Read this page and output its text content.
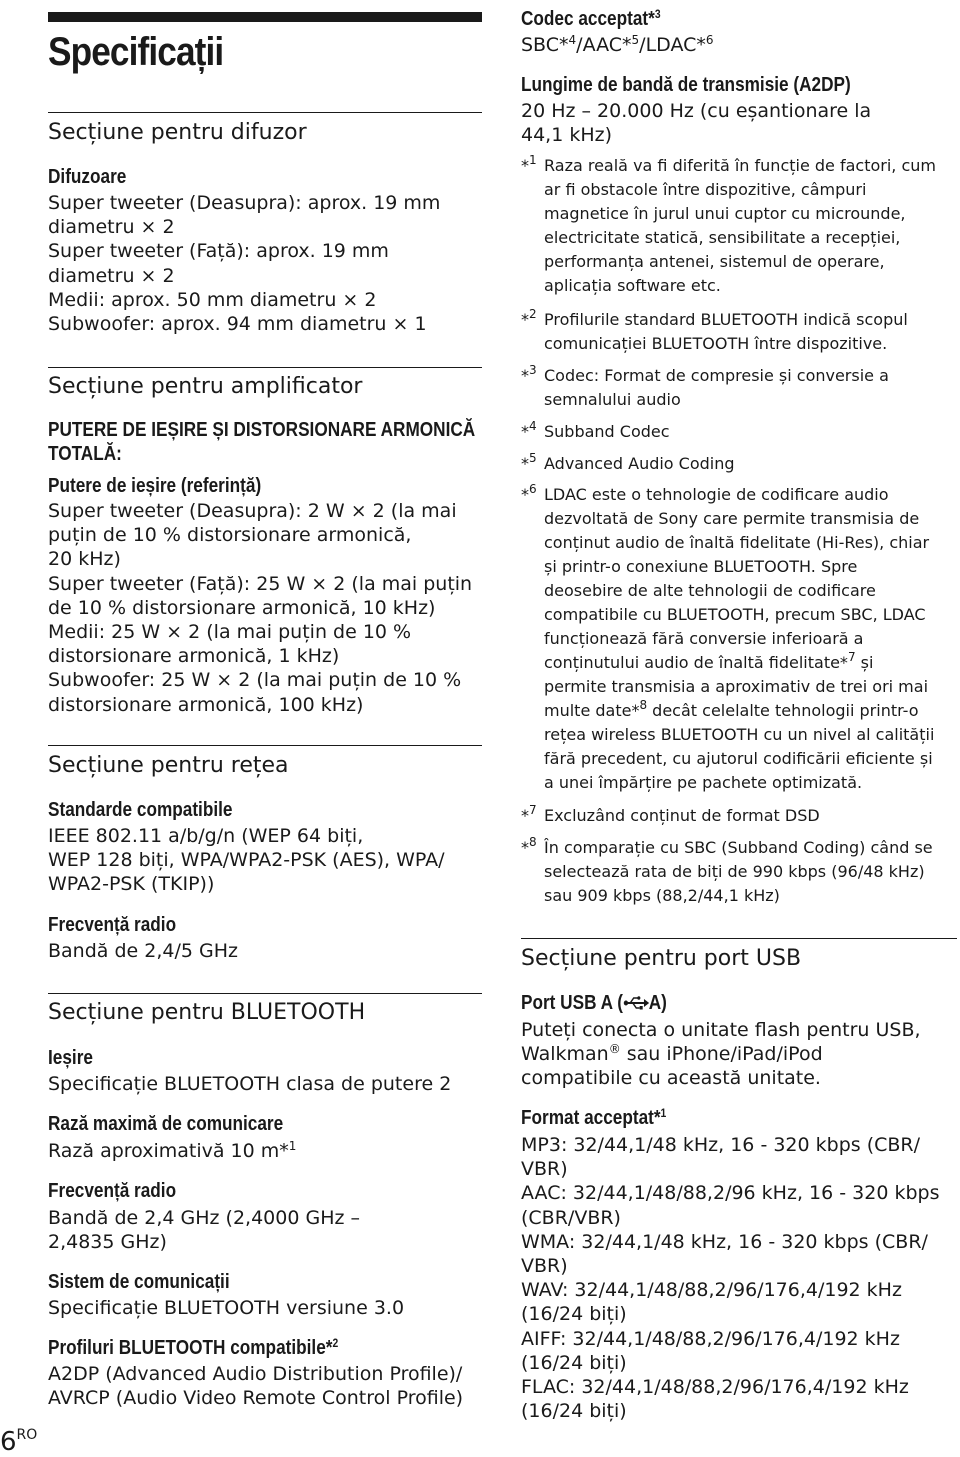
Specificații
Secțiune pentru difuzor
Difuzoare

Super tweeter (Deasupra): aprox. 19 mm
diametru × 2
Super tweeter (Față): aprox. 19 mm
diametru × 2
Medii: aprox. 50 mm diametru × 2
Subwoofer: aprox. 94 mm diametru × 1

Secțiune pentru amplificator
PUTERE DE IEȘIRE ȘI DISTORSIONARE ARMONICĂ TOTALĂ:
Putere de ieșire (referință)

Super tweeter (Deasupra): 2 W × 2 (la mai
puțin de 10 % distorsionare armonică,
20 kHz)
Super tweeter (Față): 25 W × 2 (la mai puțin
de 10 % distorsionare armonică, 10 kHz)
Medii: 25 W × 2 (la mai puțin de 10 %
distorsionare armonică, 1 kHz)
Subwoofer: 25 W × 2 (la mai puțin de 10 %
distorsionare armonică, 100 kHz)

Secțiune pentru rețea
Standarde compatibile

IEEE 802.11 a/b/g/n (WEP 64 biți,
WEP 128 biți, WPA/WPA2-PSK (AES), WPA/
WPA2-PSK (TKIP))

Frecvență radio

Bandă de 2,4/5 GHz

Secțiune pentru BLUETOOTH
Ieșire

Specificație BLUETOOTH clasa de putere 2

Rază maximă de comunicare

Rază aproximativă 10 m*$^1$

Frecvență radio

Bandă de 2,4 GHz (2,4000 GHz –
2,4835 GHz)

Sistem de comunicații

Specificație BLUETOOTH versiune 3.0

Profiluri BLUETOOTH compatibile*$^2$

A2DP (Advanced Audio Distribution Profile)/
AVRCP (Audio Video Remote Control Profile)

$6^{RO}$
Codec acceptat*$^3$

SBC*$^4$/AAC*$^5$/LDAC*$^6$

Lungime de bandă de transmisie (A2DP)

20 Hz – 20.000 Hz (cu eșantionare la
44,1 kHz)

*$^1$ Raza reală va fi diferită în funcție de factori, cum
ar fi obstacole între dispozitive, câmpuri
magnetice în jurul unui cuptor cu microunde,
electricitate statică, sensibilitate a recepției,
performanța antenei, sistemul de operare,
aplicația software etc.
*$^2$ Profilurile standard BLUETOOTH indică scopul
comunicației BLUETOOTH între dispozitive.
*$^3$ Codec: Format de compresie și conversie a
semnalului audio
*$^4$ Subband Codec
*$^5$ Advanced Audio Coding
*$^6$ LDAC este o tehnologie de codificare audio
dezvoltată de Sony care permite transmisia de
conținut audio de înaltă fidelitate (Hi-Res), chiar
și printr-o conexiune BLUETOOTH. Spre
deosebire de alte tehnologii de codificare
compatibile cu BLUETOOTH, precum SBC, LDAC
funcționează fără conversie inferioară a
conținutului audio de înaltă fidelitate*$^7$ și
permite transmisia a aproximativ de trei ori mai
multe date*$^8$ decât celelalte tehnologii printr-o
rețea wireless BLUETOOTH cu un nivel al calității
fără precedent, cu ajutorul codificării eficiente și
a unei împărțire pe pachete optimizată.
*$^7$ Excluzând conținut de format DSD
*$^8$ În comparație cu SBC (Subband Coding) când se
selectează rata de biți de 990 kbps (96/48 kHz)
sau 909 kbps (88,2/44,1 kHz)
Secțiune pentru port USB
Port USB A ( A)

Puteți conecta o unitate flash pentru USB,
Walkman® sau iPhone/iPad/iPod
compatibile cu această unitate.

Format acceptat*$^1$

MP3: 32/44,1/48 kHz, 16 - 320 kbps (CBR/
VBR)
AAC: 32/44,1/48/88,2/96 kHz, 16 - 320 kbps
(CBR/VBR)
WMA: 32/44,1/48 kHz, 16 - 320 kbps (CBR/
VBR)
WAV: 32/44,1/48/88,2/96/176,4/192 kHz
(16/24 biți)
AIFF: 32/44,1/48/88,2/96/176,4/192 kHz
(16/24 biți)
FLAC: 32/44,1/48/88,2/96/176,4/192 kHz
(16/24 biți)
